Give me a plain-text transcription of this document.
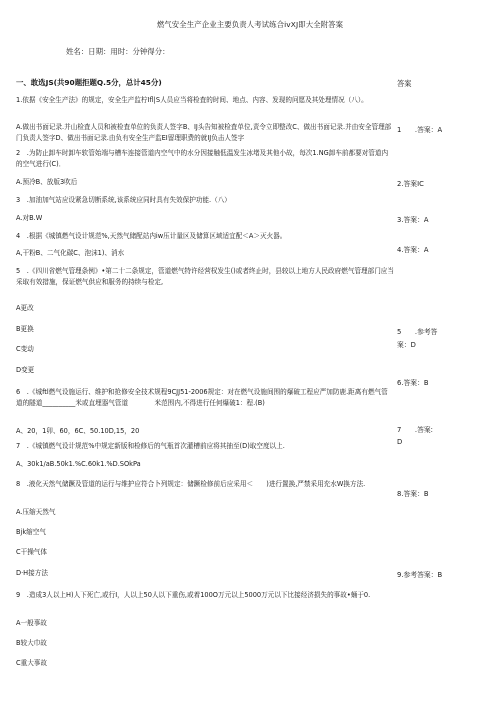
燃气安全生产企业主要负责人考试练合ivXJ即大全附答案
姓名：日期：用时：分钟得分：
一、敢选JS(共90题拒题Q.5分，总计45分)	答案
1.依据《安全生产法》的规定，安全生产监柠Ifl|S人员应当将检査的时间、地点、内容、发现的问愿及其处理情况（八）。
A.做出书面记录.并山检査人员和被检査单位的负责人签字B、IJ头告知被检査单位,责令立即整改C、做出书面记录.并由安全管理部门负责人签字D、做出书面记录.由负有安全生产监EI留理职费的就IJ负击人签字
2　.为防止卸车时卸车软管始端与槽车连接管道内空气中的水分因接触低温发生冰堵及其他小故，每次1.NG卸车前都要对管道内的空气进行(C)．
A.预冷B、放版3吹后
3　.加油加气站应设紧急切断系统,该系统应同时具有失效保护功能.（八）
A.对B.W
4　.根据《城镇燃气设计规范%,天然气储配站内iw压计量区及储算区域适宜配＜A＞灭火器。
A,干粉B、二气化碳C、泡沫1)、消水
5　.《四川省燃气管理条例》•第二十二条规定，管道燃气特许经营权发生()或者终止时，县较以上地方人民政府燃气管理部门应当采取有效措施，保证燃气供应和服务的持续与检定,
A更改
B更换
C变动
D变更
6　.《城ftl燃气设施运行、维护和抢修安全技术规程9CJJ51-2006规定：对在燃气设施间围的爆破工程应严加防鹿.距离有燃气管道的隧道__________米或直埋器气管道　　　　米范围内,不得进行任何爆破1：程.(B)
A、20，1卯、60，6C、50.10D,15，20
7　.《城镇燃气设计规范%中规定新版和检修后的气瓶首次灌槽前应将其抽至(D)取空度以上.
A、30k1/aB.50k1.%C.60k1.%D.SOkPa
8　.液化天然气储蹶及管道的运行与维护应符合卜列规定：储蹶检修前后应采用＜　　)进行置换,严禁采用充水W换方法.
A.压缩天然气
Bjk缩空气
C干操气体
D·H接方法
9　.造成3人以上H)人下死亡,或行I，人以上50人以下重伤,或着100O万元以上5000万元以下比接经济损失的事故•蛹于0.
A一般事故
B较大巾故
C重大事故
1　　.答案：A
2.答案IC
3.答案：A
4.答案：A
5　　.参考答
案：D
6.答案：B
7　　.答案:
D
8.答案：B
9.参考答案：B
